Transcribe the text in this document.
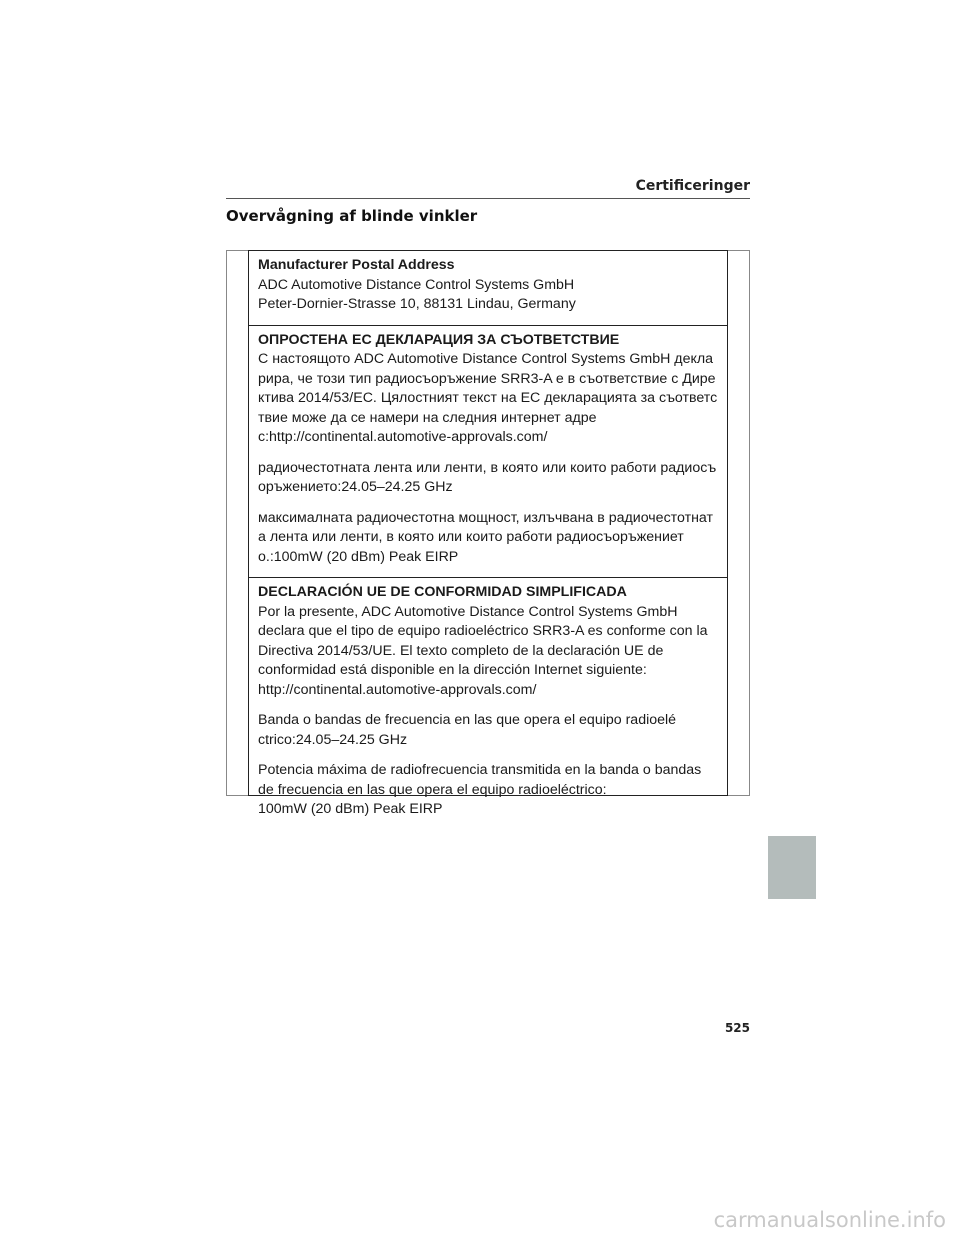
Certificeringer
Overvågning af blinde vinkler

Manufacturer Postal Address

ADC Automotive Distance Control Systems GmbH

Peter-Dornier-Strasse 10, 88131 Lindau, Germany

ОПРОСТЕНА ЕС ДЕКЛАРАЦИЯ ЗА СЪОТВЕТСТВИЕ

С настоящото ADC Automotive Distance Control Systems GmbH декла

рира, че този тип радиосъоръжение SRR3-A е в съответствие с Дире

ктива 2014/53/ЕС. Цялостният текст на ЕС декларацията за съответс

твие може да се намери на следния интернет адре

с:http://continental.automotive-approvals.com/

радиочестотната лента или ленти, в която или които работи радиосъ

оръжението:24.05–24.25 GHz

максималната радиочестотна мощност, излъчвана в радиочестотнат

а лента или ленти, в която или които работи радиосъоръжениет

о.:100mW (20 dBm) Peak EIRP

DECLARACIÓN UE DE CONFORMIDAD SIMPLIFICADA

Por la presente, ADC Automotive Distance Control Systems GmbH

declara que el tipo de equipo radioeléctrico SRR3-A es conforme con la

Directiva 2014/53/UE. El texto completo de la declaración UE de

conformidad está disponible en la dirección Internet siguiente:

http://continental.automotive-approvals.com/

Banda o bandas de frecuencia en las que opera el equipo radioelé

ctrico:24.05–24.25 GHz

Potencia máxima de radiofrecuencia transmitida en la banda o bandas

de frecuencia en las que opera el equipo radioeléctrico:

100mW (20 dBm) Peak EIRP

525
carmanualsonline.info
